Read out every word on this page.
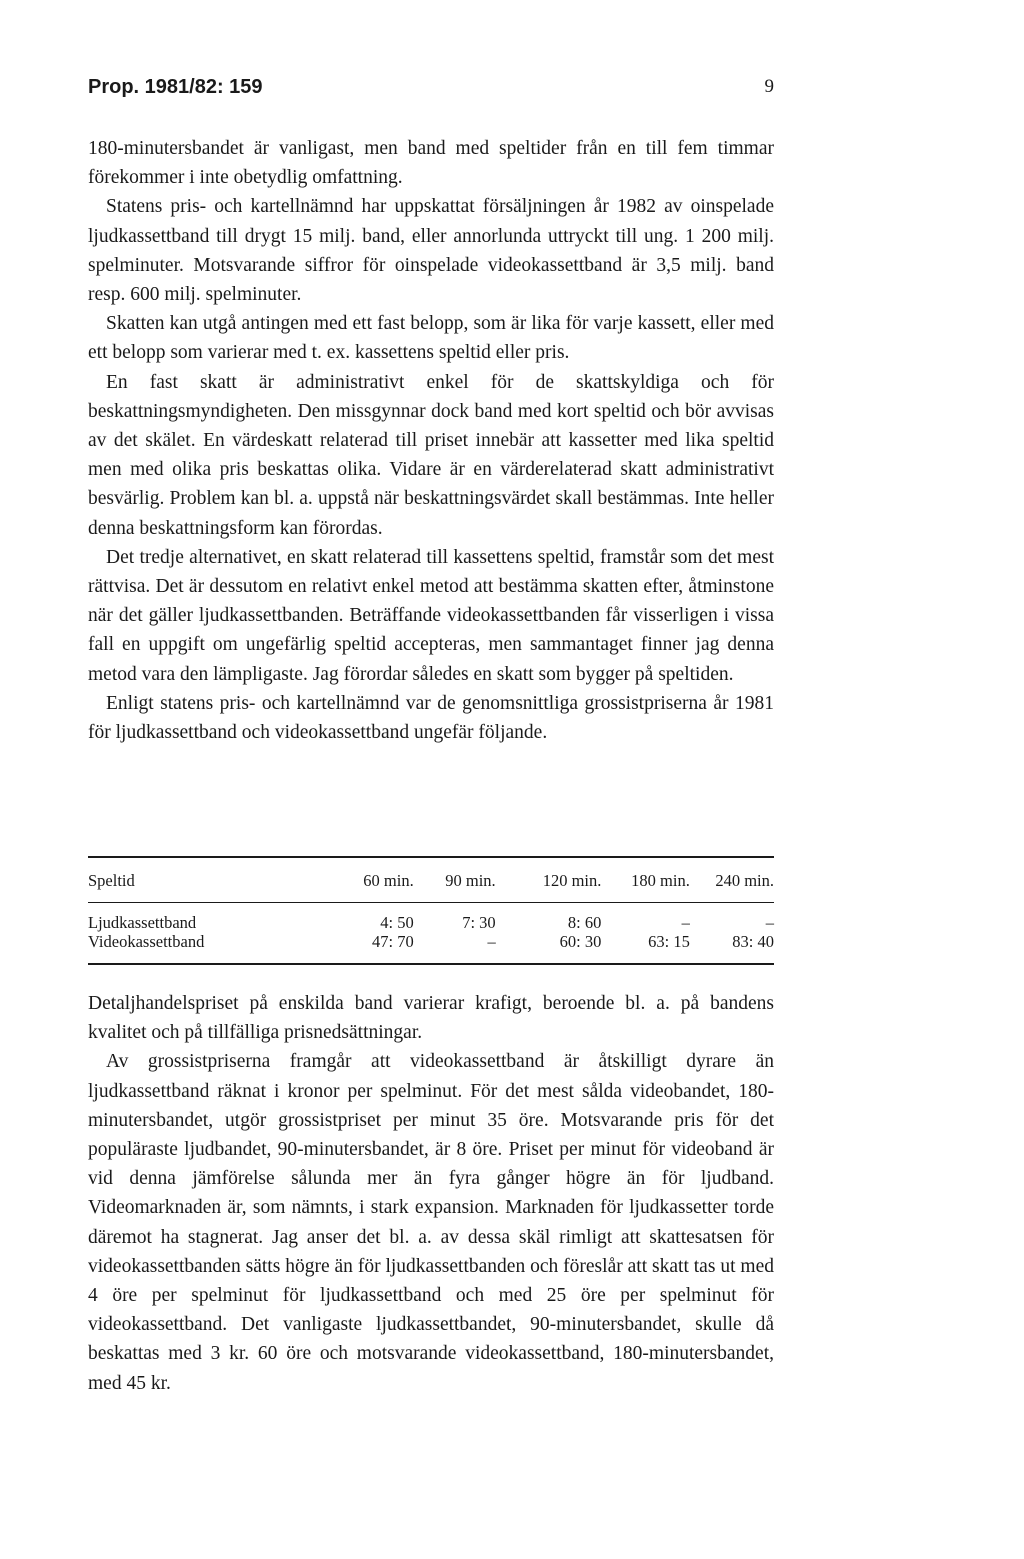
Prop. 1981/82: 159	9

180-minutersbandet är vanligast, men band med speltider från en till fem timmar förekommer i inte obetydlig omfattning.

Statens pris- och kartellnämnd har uppskattat försäljningen år 1982 av oinspelade ljudkassettband till drygt 15 milj. band, eller annorlunda uttryckt till ung. 1 200 milj. spelminuter. Motsvarande siffror för oinspelade videokassettband är 3,5 milj. band resp. 600 milj. spelminuter.

Skatten kan utgå antingen med ett fast belopp, som är lika för varje kassett, eller med ett belopp som varierar med t. ex. kassettens speltid eller pris.

En fast skatt är administrativt enkel för de skattskyldiga och för beskattningsmyndigheten. Den missgynnar dock band med kort speltid och bör avvisas av det skälet. En värdeskatt relaterad till priset innebär att kassetter med lika speltid men med olika pris beskattas olika. Vidare är en värderelaterad skatt administrativt besvärlig. Problem kan bl. a. uppstå när beskattningsvärdet skall bestämmas. Inte heller denna beskattningsform kan förordas.

Det tredje alternativet, en skatt relaterad till kassettens speltid, framstår som det mest rättvisa. Det är dessutom en relativt enkel metod att bestämma skatten efter, åtminstone när det gäller ljudkassettbanden. Beträffande videokassettbanden får visserligen i vissa fall en uppgift om ungefärlig speltid accepteras, men sammantaget finner jag denna metod vara den lämpligaste. Jag förordar således en skatt som bygger på speltiden.

Enligt statens pris- och kartellnämnd var de genomsnittliga grossistpriserna år 1981 för ljudkassettband och videokassettband ungefär följande.

Speltid	60 min.	90 min.	120 min.	180 min.	240 min.
Ljudkassettband	4: 50	7: 30	8: 60	–	–
Videokassettband	47: 70	–	60: 30	63: 15	83: 40

Detaljhandelspriset på enskilda band varierar krafigt, beroende bl. a. på bandens kvalitet och på tillfälliga prisnedsättningar.

Av grossistpriserna framgår att videokassettband är åtskilligt dyrare än ljudkassettband räknat i kronor per spelminut. För det mest sålda videobandet, 180-minutersbandet, utgör grossistpriset per minut 35 öre. Motsvarande pris för det populäraste ljudbandet, 90-minutersbandet, är 8 öre. Priset per minut för videoband är vid denna jämförelse sålunda mer än fyra gånger högre än för ljudband. Videomarknaden är, som nämnts, i stark expansion. Marknaden för ljudkassetter torde däremot ha stagnerat. Jag anser det bl. a. av dessa skäl rimligt att skattesatsen för videokassettbanden sätts högre än för ljudkassettbanden och föreslår att skatt tas ut med 4 öre per spelminut för ljudkassettband och med 25 öre per spelminut för videokassettband. Det vanligaste ljudkassettbandet, 90-minutersbandet, skulle då beskattas med 3 kr. 60 öre och motsvarande videokassettband, 180-minutersbandet, med 45 kr.
